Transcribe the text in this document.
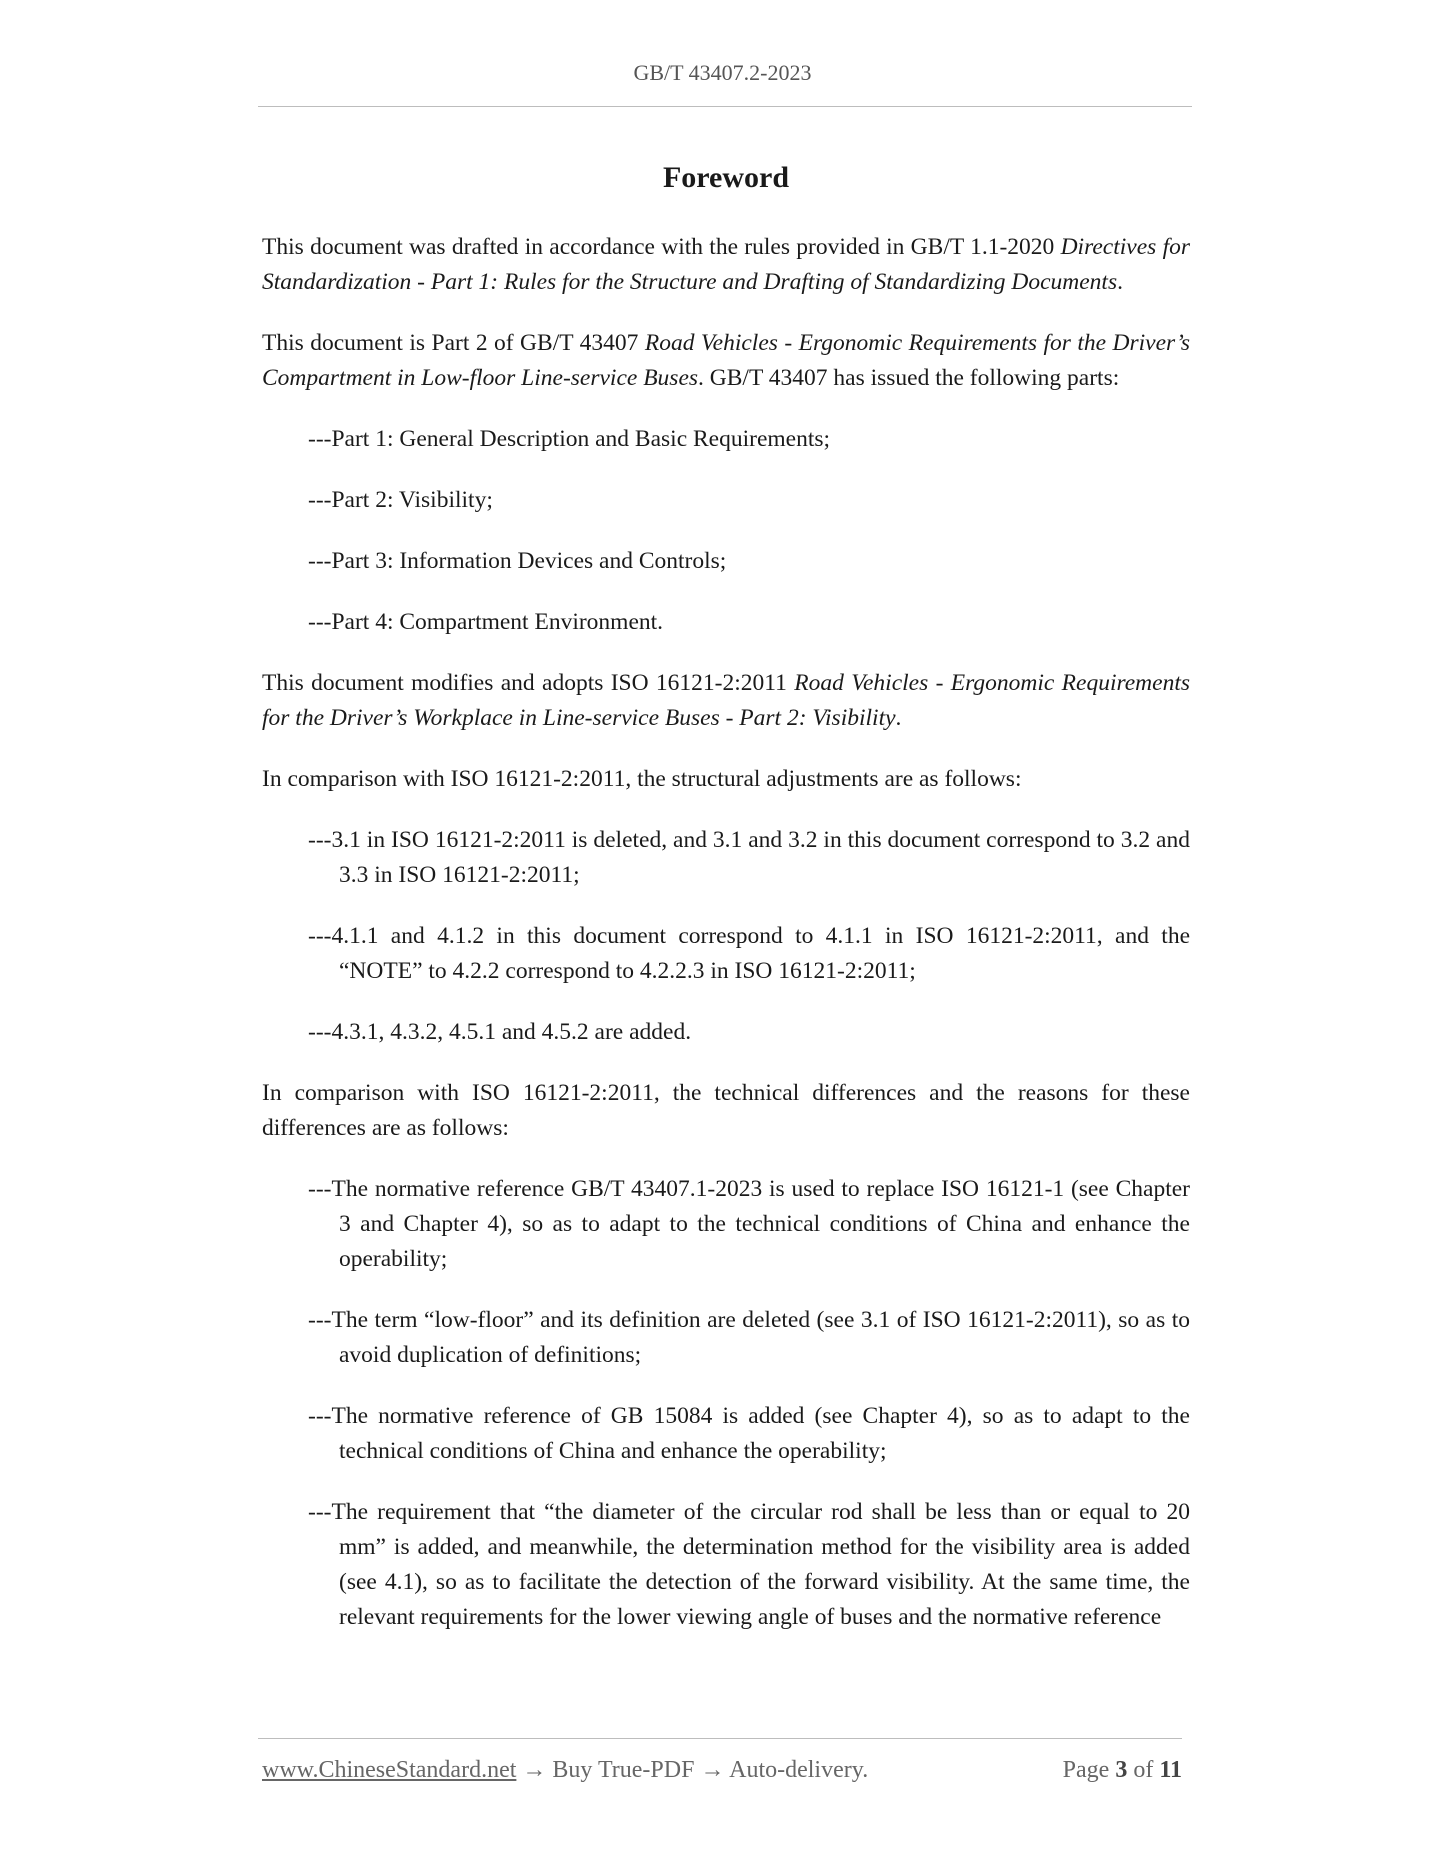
GB/T 43407.2-2023
Foreword

This document was drafted in accordance with the rules provided in GB/T 1.1-2020 Directives for Standardization - Part 1: Rules for the Structure and Drafting of Standardizing Documents.

This document is Part 2 of GB/T 43407 Road Vehicles - Ergonomic Requirements for the Driver’s Compartment in Low-floor Line-service Buses. GB/T 43407 has issued the following parts:

---Part 1: General Description and Basic Requirements;
---Part 2: Visibility;
---Part 3: Information Devices and Controls;
---Part 4: Compartment Environment.

This document modifies and adopts ISO 16121-2:2011 Road Vehicles - Ergonomic Requirements for the Driver’s Workplace in Line-service Buses - Part 2: Visibility.

In comparison with ISO 16121-2:2011, the structural adjustments are as follows:

---3.1 in ISO 16121-2:2011 is deleted, and 3.1 and 3.2 in this document correspond to 3.2 and 3.3 in ISO 16121-2:2011;
---4.1.1 and 4.1.2 in this document correspond to 4.1.1 in ISO 16121-2:2011, and the “NOTE” to 4.2.2 correspond to 4.2.2.3 in ISO 16121-2:2011;
---4.3.1, 4.3.2, 4.5.1 and 4.5.2 are added.

In comparison with ISO 16121-2:2011, the technical differences and the reasons for these differences are as follows:

---The normative reference GB/T 43407.1-2023 is used to replace ISO 16121-1 (see Chapter 3 and Chapter 4), so as to adapt to the technical conditions of China and enhance the operability;
---The term “low-floor” and its definition are deleted (see 3.1 of ISO 16121-2:2011), so as to avoid duplication of definitions;
---The normative reference of GB 15084 is added (see Chapter 4), so as to adapt to the technical conditions of China and enhance the operability;
---The requirement that “the diameter of the circular rod shall be less than or equal to 20 mm” is added, and meanwhile, the determination method for the visibility area is added (see 4.1), so as to facilitate the detection of the forward visibility. At the same time, the relevant requirements for the lower viewing angle of buses and the normative reference
www.ChineseStandard.net → Buy True-PDF → Auto-delivery.	Page 3 of 11
